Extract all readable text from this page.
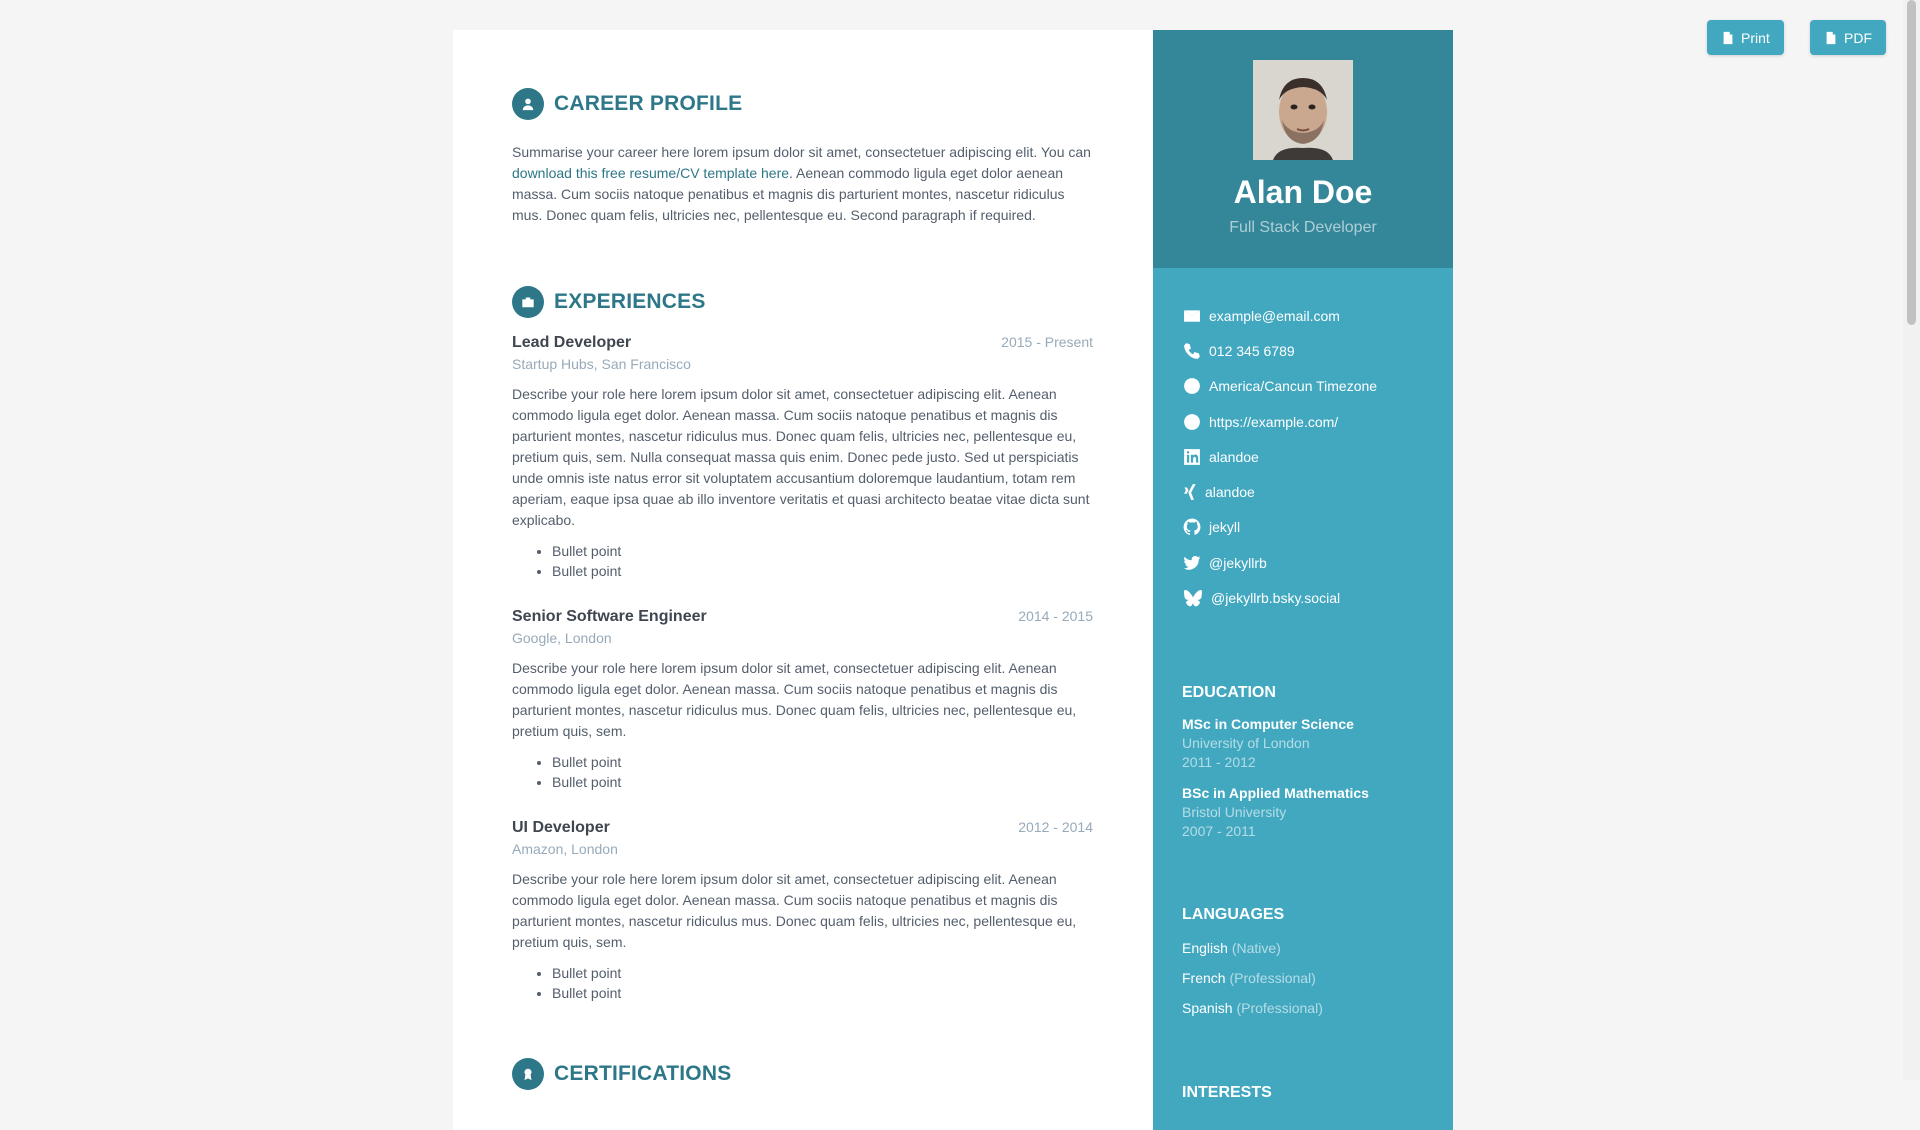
Print	PDF
CAREER PROFILE

Summarise your career here lorem ipsum dolor sit amet, consectetuer adipiscing elit. You can download this free resume/CV template here. Aenean commodo ligula eget dolor aenean massa. Cum sociis natoque penatibus et magnis dis parturient montes, nascetur ridiculus mus. Donec quam felis, ultricies nec, pellentesque eu. Second paragraph if required.

EXPERIENCES
Lead Developer	2015 - Present
Startup Hubs, San Francisco

Describe your role here lorem ipsum dolor sit amet, consectetuer adipiscing elit. Aenean commodo ligula eget dolor. Aenean massa. Cum sociis natoque penatibus et magnis dis parturient montes, nascetur ridiculus mus. Donec quam felis, ultricies nec, pellentesque eu, pretium quis, sem. Nulla consequat massa quis enim. Donec pede justo. Sed ut perspiciatis unde omnis iste natus error sit voluptatem accusantium doloremque laudantium, totam rem aperiam, eaque ipsa quae ab illo inventore veritatis et quasi architecto beatae vitae dicta sunt explicabo.

• Bullet point
• Bullet point
Senior Software Engineer	2014 - 2015
Google, London

Describe your role here lorem ipsum dolor sit amet, consectetuer adipiscing elit. Aenean commodo ligula eget dolor. Aenean massa. Cum sociis natoque penatibus et magnis dis parturient montes, nascetur ridiculus mus. Donec quam felis, ultricies nec, pellentesque eu, pretium quis, sem.

• Bullet point
• Bullet point
UI Developer	2012 - 2014
Amazon, London

Describe your role here lorem ipsum dolor sit amet, consectetuer adipiscing elit. Aenean commodo ligula eget dolor. Aenean massa. Cum sociis natoque penatibus et magnis dis parturient montes, nascetur ridiculus mus. Donec quam felis, ultricies nec, pellentesque eu, pretium quis, sem.

• Bullet point
• Bullet point
CERTIFICATIONS
Alan Doe
Full Stack Developer
example@email.com
012 345 6789
America/Cancun Timezone
https://example.com/
alandoe
alandoe
jekyll
@jekyllrb
@jekyllrb.bsky.social
EDUCATION
MSc in Computer Science
University of London
2011 - 2012
BSc in Applied Mathematics
Bristol University
2007 - 2011
LANGUAGES
English (Native)
French (Professional)
Spanish (Professional)
INTERESTS
